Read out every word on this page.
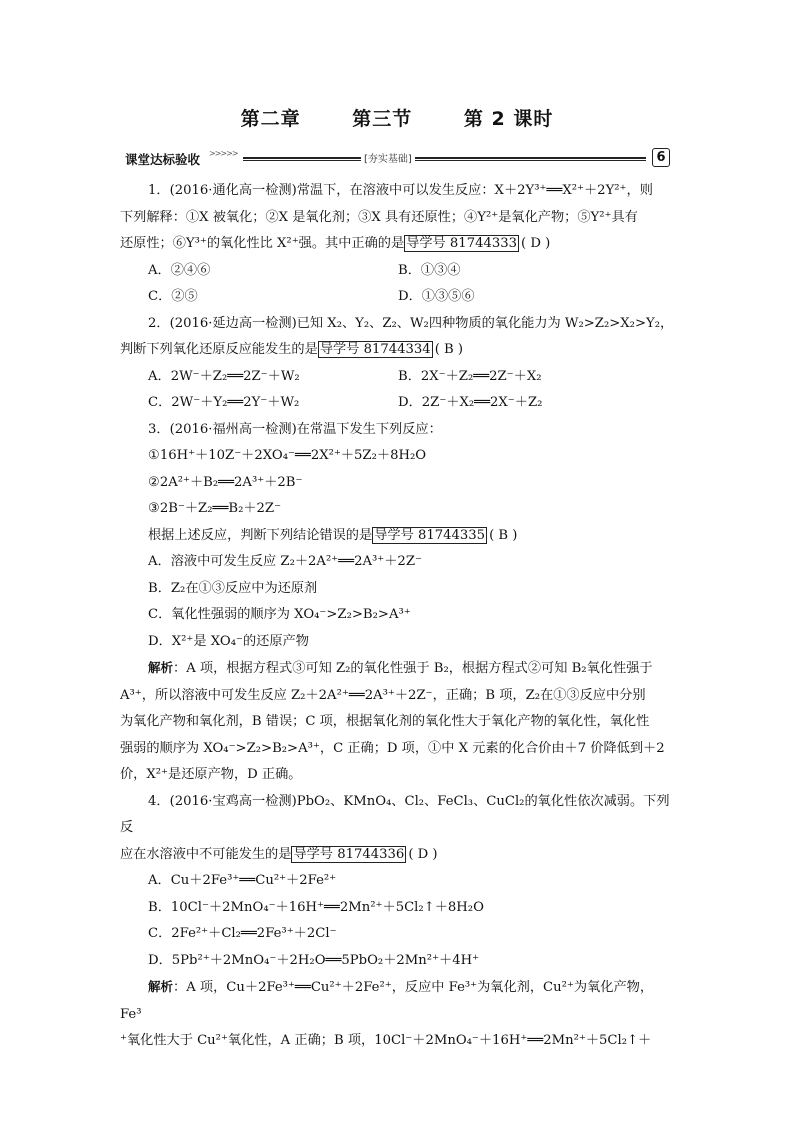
第二章	第三节	第 2 课时
课堂达标验收 >>>>>
[夯实基础]	6

1．(2016·通化高一检测)常温下，在溶液中可以发生反应：X＋2Y³⁺══X²⁺＋2Y²⁺，则

下列解释：①X 被氧化；②X 是氧化剂；③X 具有还原性；④Y²⁺是氧化产物；⑤Y²⁺具有

还原性；⑥Y³⁺的氧化性比 X²⁺强。其中正确的是 导学号 81744333 ( D )

A．②④⑥	B．①③④
C．②⑤	D．①③⑤⑥

2．(2016·延边高一检测)已知 X₂、Y₂、Z₂、W₂四种物质的氧化能力为 W₂>Z₂>X₂>Y₂，

判断下列氧化还原反应能发生的是 导学号 81744334 ( B )

A．2W⁻＋Z₂══2Z⁻＋W₂	B．2X⁻＋Z₂══2Z⁻＋X₂
C．2W⁻＋Y₂══2Y⁻＋W₂	D．2Z⁻＋X₂══2X⁻＋Z₂

3．(2016·福州高一检测)在常温下发生下列反应：

①16H⁺＋10Z⁻＋2XO₄⁻══2X²⁺＋5Z₂＋8H₂O

②2A²⁺＋B₂══2A³⁺＋2B⁻

③2B⁻＋Z₂══B₂＋2Z⁻

根据上述反应，判断下列结论错误的是 导学号 81744335 ( B )

A．溶液中可发生反应 Z₂＋2A²⁺══2A³⁺＋2Z⁻

B．Z₂在①③反应中为还原剂

C．氧化性强弱的顺序为 XO₄⁻>Z₂>B₂>A³⁺

D．X²⁺是 XO₄⁻的还原产物

解析：A 项，根据方程式③可知 Z₂的氧化性强于 B₂，根据方程式②可知 B₂氧化性强于

A³⁺，所以溶液中可发生反应 Z₂＋2A²⁺══2A³⁺＋2Z⁻，正确；B 项，Z₂在①③反应中分别

为氧化产物和氧化剂，B 错误；C 项，根据氧化剂的氧化性大于氧化产物的氧化性，氧化性

强弱的顺序为 XO₄⁻>Z₂>B₂>A³⁺，C 正确；D 项，①中 X 元素的化合价由＋7 价降低到＋2

价，X²⁺是还原产物，D 正确。

4．(2016·宝鸡高一检测)PbO₂、KMnO₄、Cl₂、FeCl₃、CuCl₂的氧化性依次减弱。下列反

应在水溶液中不可能发生的是 导学号 81744336 ( D )

A．Cu＋2Fe³⁺══Cu²⁺＋2Fe²⁺

B．10Cl⁻＋2MnO₄⁻＋16H⁺══2Mn²⁺＋5Cl₂↑＋8H₂O

C．2Fe²⁺＋Cl₂══2Fe³⁺＋2Cl⁻

D．5Pb²⁺＋2MnO₄⁻＋2H₂O══5PbO₂＋2Mn²⁺＋4H⁺

解析：A 项，Cu＋2Fe³⁺══Cu²⁺＋2Fe²⁺，反应中 Fe³⁺为氧化剂，Cu²⁺为氧化产物，Fe³

⁺氧化性大于 Cu²⁺氧化性，A 正确；B 项，10Cl⁻＋2MnO₄⁻＋16H⁺══2Mn²⁺＋5Cl₂↑＋
